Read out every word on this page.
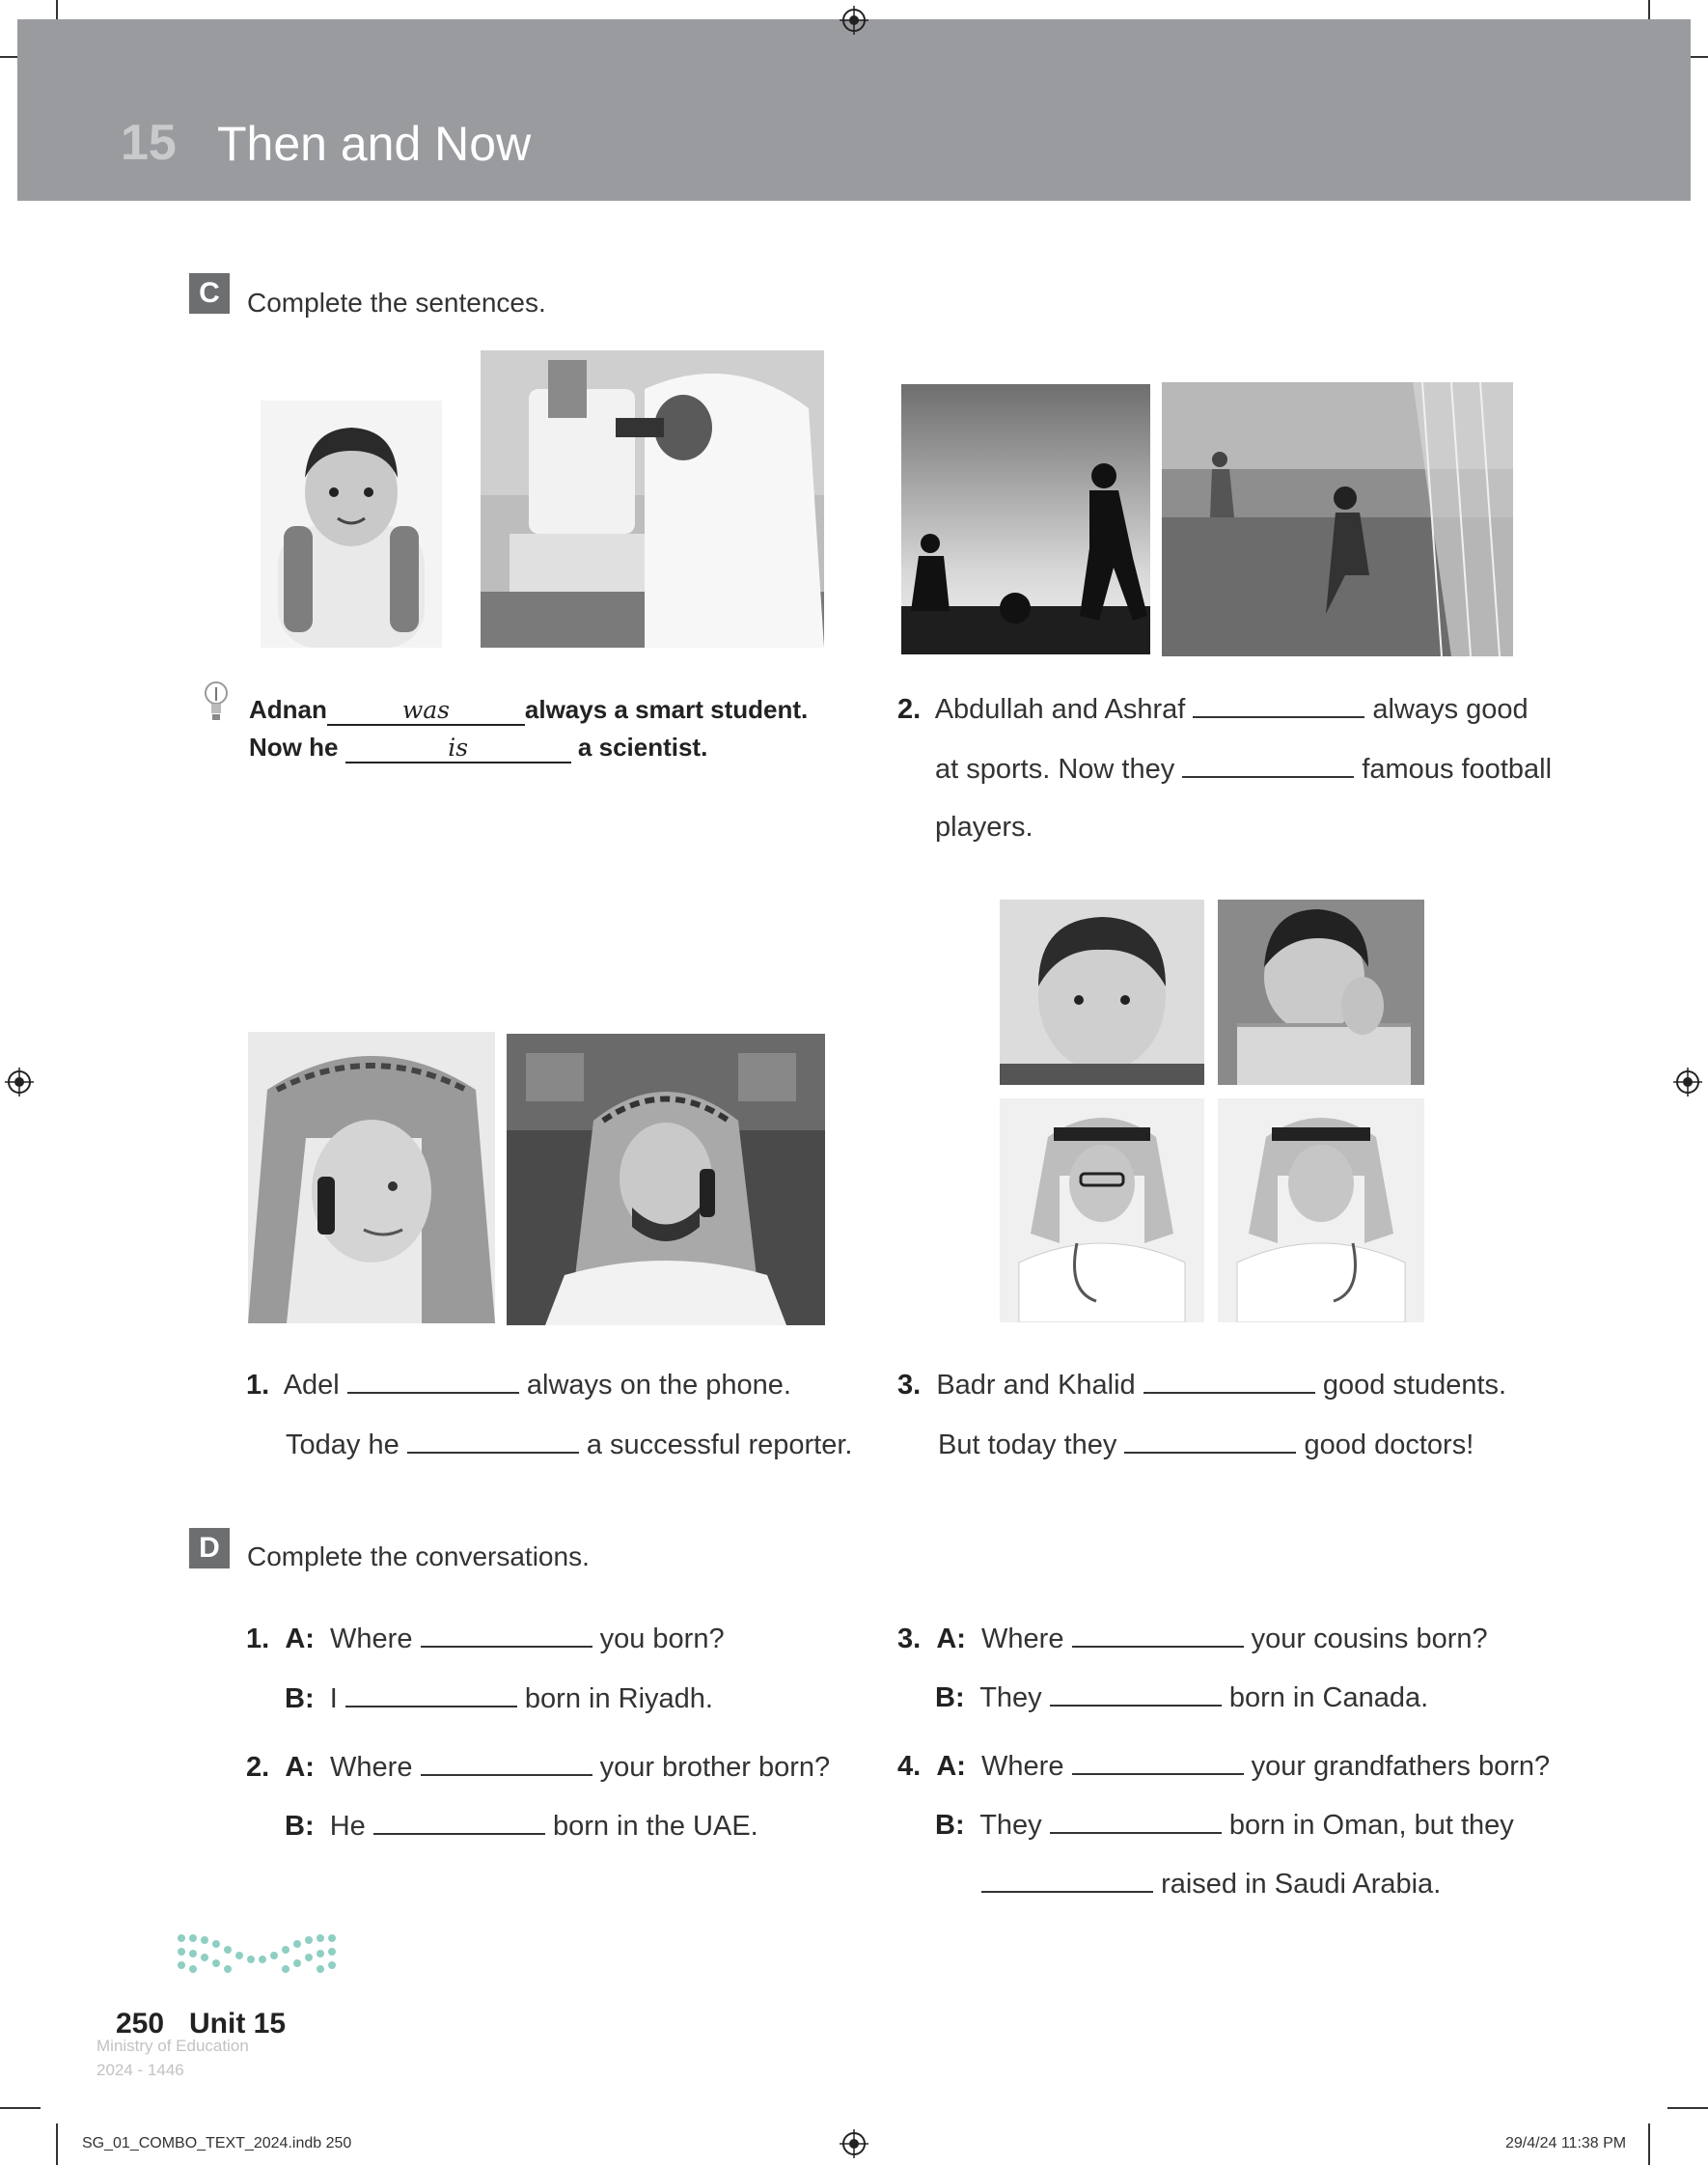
15 Then and Now
C	Complete the sentences.
Adnan	was	always a smart student.
Now he	is	a scientist.
2. Abdullah and Ashraf	always good
at sports. Now they	famous football
players.
1. Adel	always on the phone.
Today he	a successful reporter.
3. Badr and Khalid	good students.
But today they	good doctors!
D	Complete the conversations.
1. A: Where	you born?
B: I	born in Riyadh.
2. A: Where	your brother born?
B: He	born in the UAE.
3. A: Where	your cousins born?
B: They	born in Canada.
4. A: Where	your grandfathers born?
B: They	born in Oman, but they
raised in Saudi Arabia.
Ministry of Education
2024 - 1446
250 Unit 15
SG_01_COMBO_TEXT_2024.indb 250	29/4/24 11:38 PM
